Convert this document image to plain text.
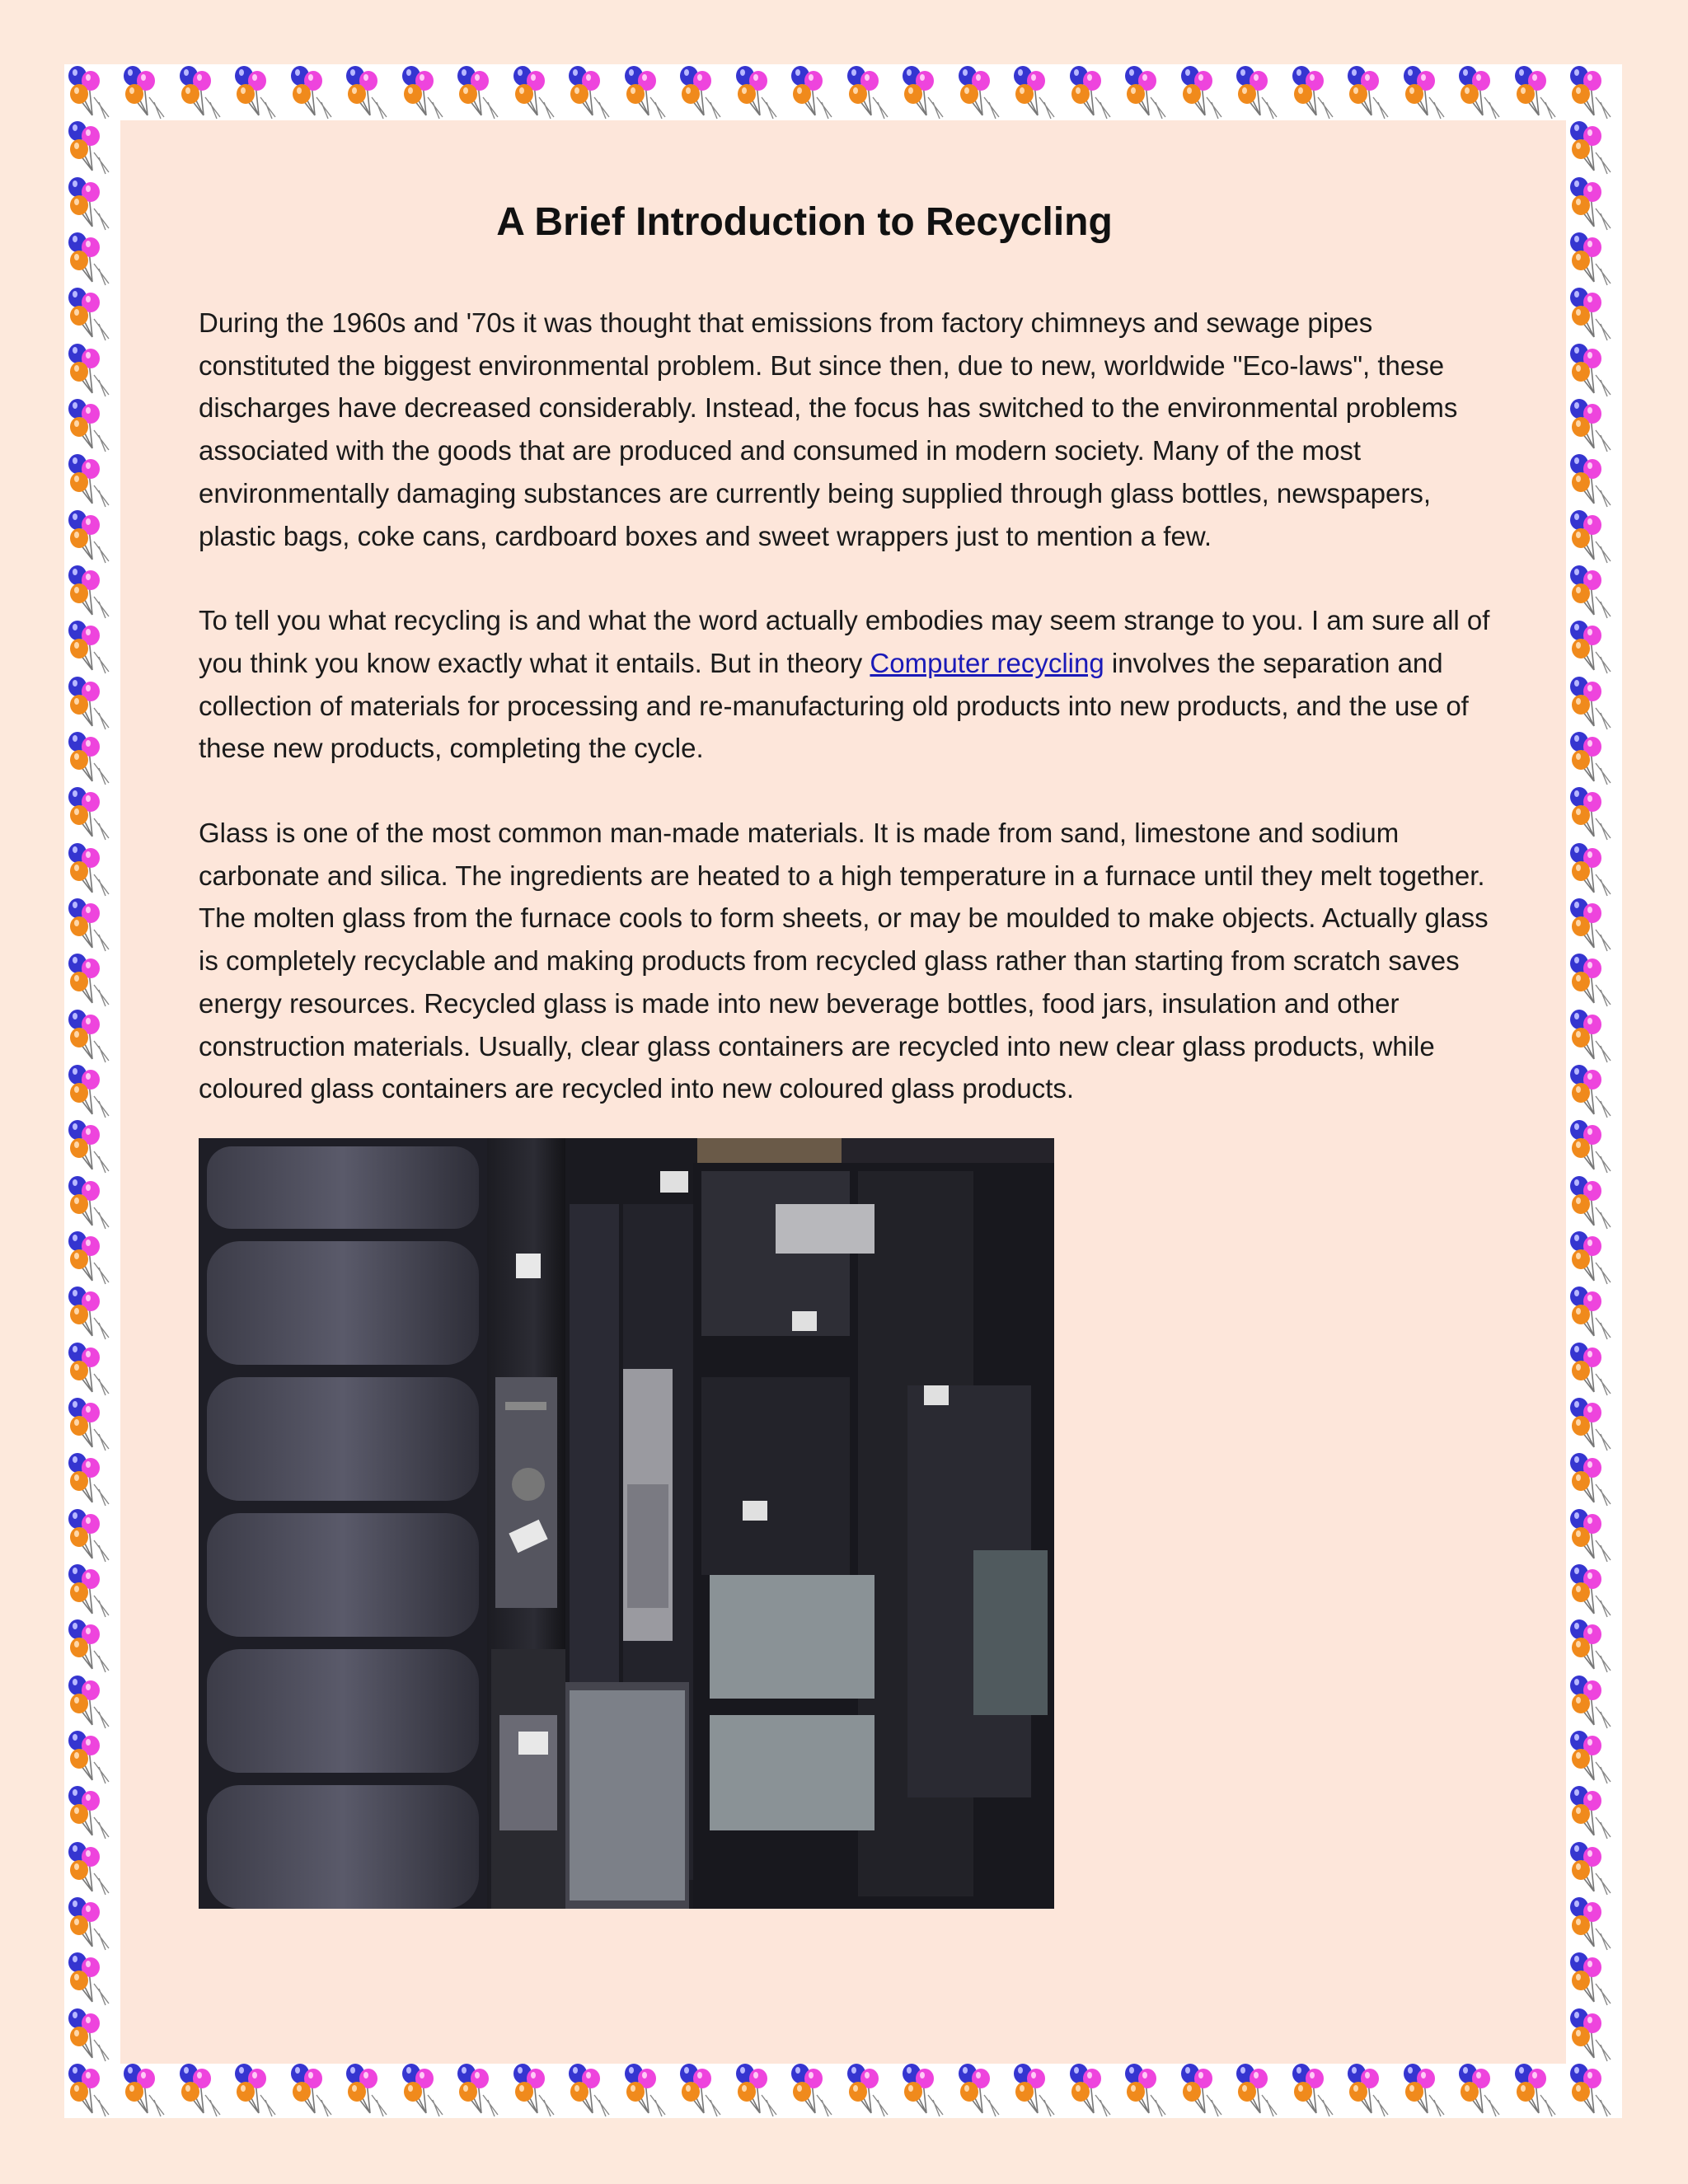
A Brief Introduction to Recycling

During the 1960s and '70s it was thought that emissions from factory chimneys and sewage pipes constituted the biggest environmental problem. But since then, due to new, worldwide "Eco-laws", these discharges have decreased considerably. Instead, the focus has switched to the environmental problems associated with the goods that are produced and consumed in modern society. Many of the most environmentally damaging substances are currently being supplied through glass bottles, newspapers, plastic bags, coke cans, cardboard boxes and sweet wrappers just to mention a few.

To tell you what recycling is and what the word actually embodies may seem strange to you. I am sure all of you think you know exactly what it entails. But in theory Computer recycling involves the separation and collection of materials for processing and re-manufacturing old products into new products, and the use of these new products, completing the cycle.

Glass is one of the most common man-made materials. It is made from sand, limestone and sodium carbonate and silica. The ingredients are heated to a high temperature in a furnace until they melt together. The molten glass from the furnace cools to form sheets, or may be moulded to make objects. Actually glass is completely recyclable and making products from recycled glass rather than starting from scratch saves energy resources. Recycled glass is made into new beverage bottles, food jars, insulation and other construction materials. Usually, clear glass containers are recycled into new clear glass products, while coloured glass containers are recycled into new coloured glass products.
